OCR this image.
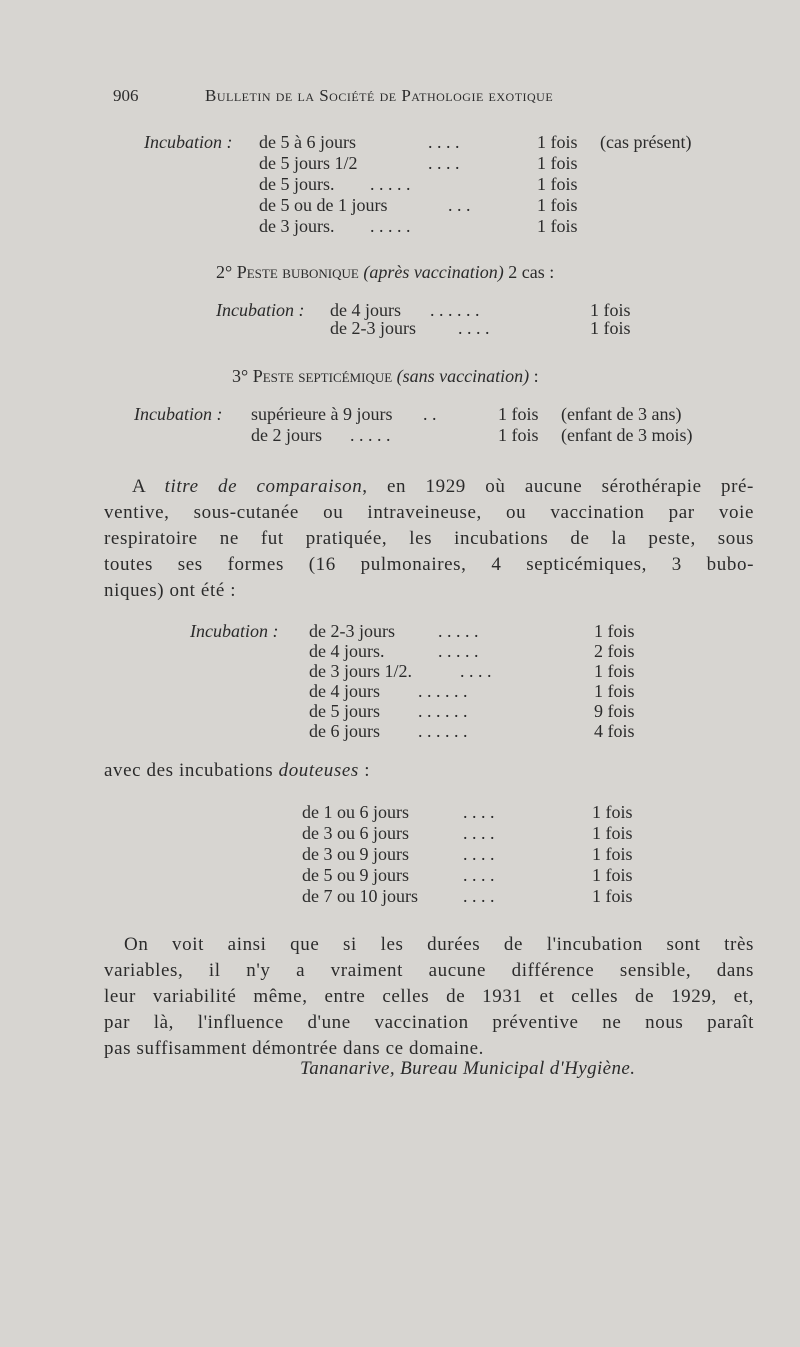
906	Bulletin de la Société de Pathologie exotique
Incubation : de 5 à 6 jours	. . . .	1 fois (cas présent)
de 5 jours 1/2	. . . .	1 fois
de 5 jours. . . . . .	1 fois
de 5 ou de 1 jours	. . .	1 fois
de 3 jours. . . . . .	1 fois
2° Peste bubonique (après vaccination) 2 cas :
Incubation : de 4 jours . . . . . .	1 fois
de 2-3 jours . . . .	1 fois
3° Peste septicémique (sans vaccination) :
Incubation : supérieure à 9 jours . .	1 fois (enfant de 3 ans)
de 2 jours . . . . .	1 fois (enfant de 3 mois)

A titre de comparaison, en 1929 où aucune sérothérapie pré-

ventive, sous-cutanée ou intraveineuse, ou vaccination par voie

respiratoire ne fut pratiquée, les incubations de la peste, sous

toutes ses formes (16 pulmonaires, 4 septicémiques, 3 bubo-

niques) ont été :

Incubation : de 2-3 jours . . . . .	1 fois
de 4 jours.	. . . . .	2 fois
de 3 jours 1/2.	. . . .	1 fois
de 4 jours . . . . . .	1 fois
de 5 jours . . . . . .	9 fois
de 6 jours . . . . . .	4 fois
avec des incubations douteuses :
de 1 ou 6 jours	. . . .	1 fois
de 3 ou 6 jours	. . . .	1 fois
de 3 ou 9 jours	. . . .	1 fois
de 5 ou 9 jours	. . . .	1 fois
de 7 ou 10 jours	. . . .	1 fois

On voit ainsi que si les durées de l'incubation sont très

variables, il n'y a vraiment aucune différence sensible, dans

leur variabilité même, entre celles de 1931 et celles de 1929, et,

par là, l'influence d'une vaccination préventive ne nous paraît

pas suffisamment démontrée dans ce domaine.

Tananarive, Bureau Municipal d'Hygiène.
